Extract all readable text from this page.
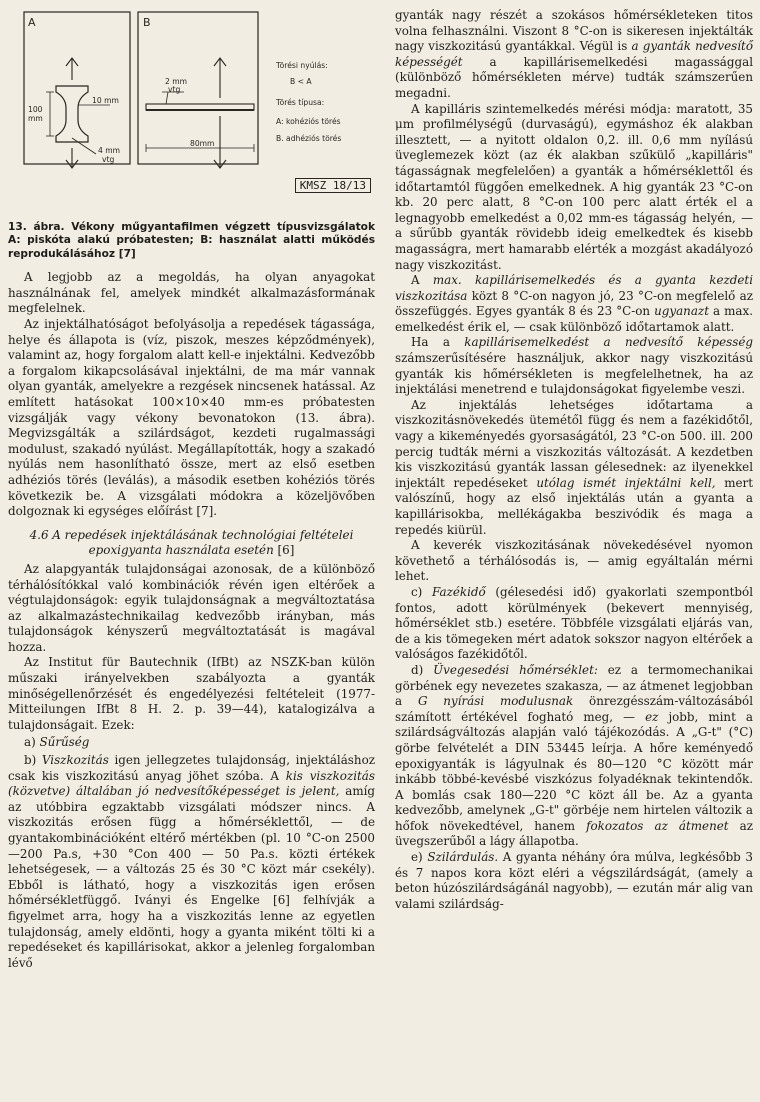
A
100
mm
10 mm
4 mm
vtg
B
2 mm
vtg
80mm
Törési nyúlás:
B < A
Törés típusa:
A: kohéziós törés
B. adhéziós törés
KMSZ 18/13

13. ábra. Vékony műgyantafilmen végzett típusvizsgálatok A: piskóta alakú próbatesten; B: használat alatti működés reprodukálásához [7]

A legjobb az a megoldás, ha olyan anyagokat használnának fel, amelyek mindkét alkalmazásformának megfelelnek.

Az injektálhatóságot befolyásolja a repedések tágassága, helye és állapota is (víz, piszok, meszes képződmények), valamint az, hogy forgalom alatt kell-e injektálni. Kedvezőbb a forgalom kikapcsolásával injektálni, de ma már vannak olyan gyanták, amelyekre a rezgések nincsenek hatással. Az említett hatásokat 100×10×40 mm-es próbatesten vizsgálják vagy vékony bevonatokon (13. ábra). Megvizsgálták a szilárdságot, kezdeti rugalmassági modulust, szakadó nyúlást. Megállapították, hogy a szakadó nyúlás nem hasonlítható össze, mert az első esetben adhéziós törés (leválás), a második esetben kohéziós törés következik be. A vizsgálati módokra a közeljövőben dolgoznak ki egységes előírást [7].

4.6 A repedések injektálásának technológiai feltételei epoxigyanta használata esetén [6]

Az alapgyanták tulajdonságai azonosak, de a különböző térhálósítókkal való kombinációk révén igen eltérőek a végtulajdonságok: egyik tulajdonságnak a megváltoztatása az alkalmazástechnikailag kedvezőbb irányban, más tulajdonságok kényszerű megváltoztatását is magával hozza.

Az Institut für Bautechnik (IfBt) az NSZK-ban külön műszaki irányelvekben szabályozta a gyanták minőségellenőrzését és engedélyezési feltételeit (1977-Mitteilungen IfBt 8 H. 2. p. 39—44), katalogizálva a tulajdonságait. Ezek:

a) Sűrűség

b) Viszkozitás igen jellegzetes tulajdonság, injektáláshoz csak kis viszkozitású anyag jöhet szóba. A kis viszkozitás (közvetve) általában jó nedvesítőképességet is jelent, amíg az utóbbira egzaktabb vizsgálati módszer nincs. A viszkozitás erősen függ a hőmérséklettől, — de gyantakombinációként eltérő mértékben (pl. 10 °C-on 2500—200 Pa.s, +30 °Con 400 — 50 Pa.s. közti értékek lehetségesek, — a változás 25 és 30 °C közt már csekély). Ebből is látható, hogy a viszkozitás igen erősen hőmérsékletfüggő. Iványi és Engelke [6] felhívják a figyelmet arra, hogy ha a viszkozitás lenne az egyetlen tulajdonság, amely eldönti, hogy a gyanta miként tölti ki a repedéseket és kapillárisokat, akkor a jelenleg forgalomban lévő

gyanták nagy részét a szokásos hőmérsékleteken titos volna felhasználni. Viszont 8 °C-on is sikeresen injektálták nagy viszkozitású gyantákkal. Végül is a gyanták nedvesítő képességét a kapillárisemelkedési magassággal (különböző hőmérsékleten mérve) tudták számszerűen megadni.

A kapilláris szintemelkedés mérési módja: maratott, 35 μm profilmélységű (durvaságú), egymáshoz ék alakban illesztett, — a nyitott oldalon 0,2. ill. 0,6 mm nyílású üveglemezek közt (az ék alakban szűkülő „kapilláris" tágasságnak megfelelően) a gyanták a hőmérséklettől és időtartamtól függően emelkednek. A hig gyanták 23 °C-on kb. 20 perc alatt, 8 °C-on 100 perc alatt érték el a legnagyobb emelkedést a 0,02 mm-es tágasság helyén, — a sűrűbb gyanták rövidebb ideig emelkedtek és kisebb magasságra, mert hamarabb elérték a mozgást akadályozó nagy viszkozitást.

A max. kapillárisemelkedés és a gyanta kezdeti viszkozitása közt 8 °C-on nagyon jó, 23 °C-on megfelelő az összefüggés. Egyes gyanták 8 és 23 °C-on ugyanazt a max. emelkedést érik el, — csak különböző időtartamok alatt.

Ha a kapillárisemelkedést a nedvesítő képesség számszerűsítésére használjuk, akkor nagy viszkozitású gyanták kis hőmérsékleten is megfelelhetnek, ha az injektálási menetrend e tulajdonságokat figyelembe veszi.

Az injektálás lehetséges időtartama a viszkozitásnövekedés ütemétől függ és nem a fazékidőtől, vagy a kikeményedés gyorsaságától, 23 °C-on 500. ill. 200 percig tudták mérni a viszkozitás változását. A kezdetben kis viszkozitású gyanták lassan gélesednek: az ilyenekkel injektált repedéseket utólag ismét injektálni kell, mert valószínű, hogy az első injektálás után a gyanta a kapillárisokba, mellékágakba beszivódik és maga a repedés kiürül.

A keverék viszkozitásának növekedésével nyomon követhető a térhálósodás is, — amig egyáltalán mérni lehet.

c) Fazékidő (gélesedési idő) gyakorlati szempontból fontos, adott körülmények (bekevert mennyiség, hőmérséklet stb.) esetére. Többféle vizsgálati eljárás van, de a kis tömegeken mért adatok sokszor nagyon eltérőek a valóságos fazékidőtől.

d) Üvegesedési hőmérséklet: ez a termomechanikai görbének egy nevezetes szakasza, — az átmenet legjobban a G nyírási modulusnak önrezgésszám-változásából számított értékével fogható meg, — ez jobb, mint a szilárdságváltozás alapján való tájékozódás. A „G-t" (°C) görbe felvételét a DIN 53445 leírja. A hőre keményedő epoxigyanták is lágyulnak és 80—120 °C között már inkább többé-kevésbé viszkózus folyadéknak tekintendők. A bomlás csak 180—220 °C közt áll be. Az a gyanta kedvezőbb, amelynek „G-t" görbéje nem hirtelen változik a hőfok növekedtével, hanem fokozatos az átmenet az üvegszerűből a lágy állapotba.

e) Szilárdulás. A gyanta néhány óra múlva, legkésőbb 3 és 7 napos kora közt eléri a végszilárdságát, (amely a beton húzószilárdságánál nagyobb), — ezután már alig van valami szilárdság-
